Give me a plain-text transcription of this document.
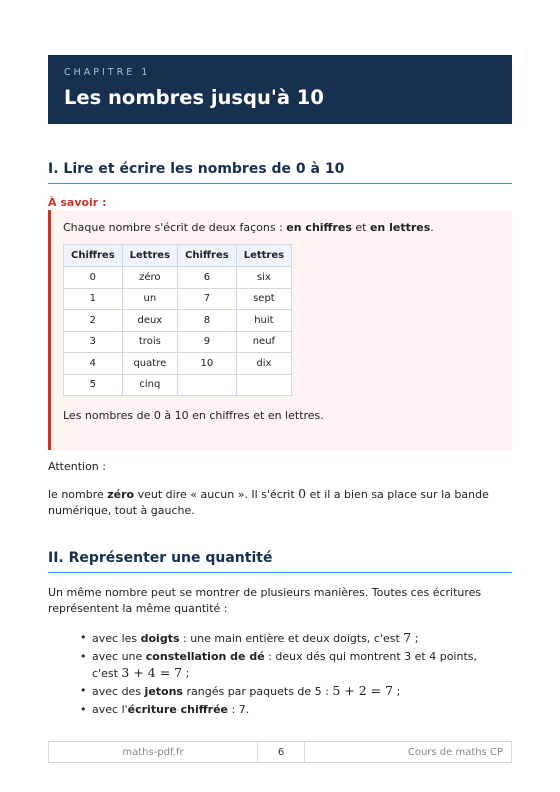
CHAPITRE 1
Les nombres jusqu'à 10
I. Lire et écrire les nombres de 0 à 10
À savoir :

Chaque nombre s'écrit de deux façons : en chiffres et en lettres.

Chiffres	Lettres	Chiffres	Lettres
0	zéro	6	six
1	un	7	sept
2	deux	8	huit
3	trois	9	neuf
4	quatre	10	dix
5	cinq		

Les nombres de 0 à 10 en chiffres et en lettres.

Attention :

le nombre zéro veut dire « aucun ». Il s'écrit 0 et il a bien sa place sur la bande numérique, tout à gauche.

II. Représenter une quantité

Un même nombre peut se montrer de plusieurs manières. Toutes ces écritures représentent la même quantité :

• avec les doigts : une main entière et deux doigts, c'est 7 ;
• avec une constellation de dé : deux dés qui montrent 3 et 4 points, c'est 3 + 4 = 7 ;
• avec des jetons rangés par paquets de 5 : 5 + 2 = 7 ;
• avec l'écriture chiffrée : 7.
maths-pdf.fr	6	Cours de maths CP
